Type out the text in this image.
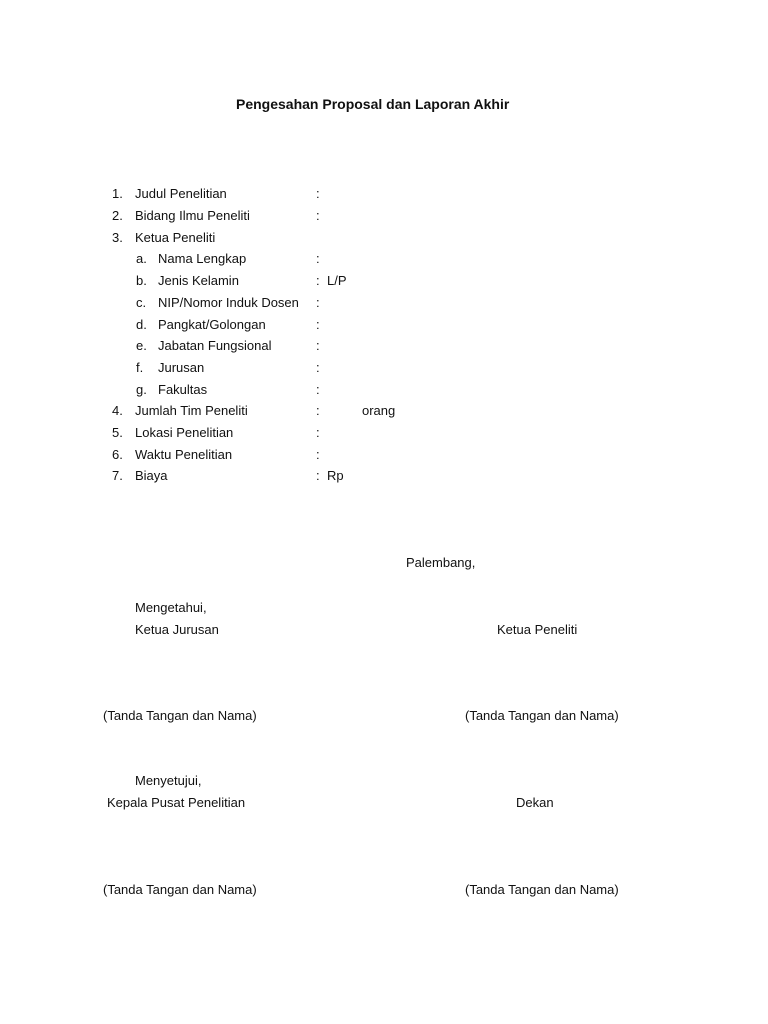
Pengesahan Proposal dan Laporan Akhir
1. Judul Penelitian	:
2. Bidang Ilmu Peneliti	:
3. Ketua Peneliti
a. Nama Lengkap	:
b. Jenis Kelamin	: L/P
c. NIP/Nomor Induk Dosen :
d. Pangkat/Golongan	:
e. Jabatan Fungsional	:
f. Jurusan	:
g. Fakultas	:
4. Jumlah Tim Peneliti	:	orang
5. Lokasi Penelitian	:
6. Waktu Penelitian	:
7. Biaya	: Rp
Palembang,
Mengetahui,
Ketua Jurusan	Ketua Peneliti
(Tanda Tangan dan Nama)	(Tanda Tangan dan Nama)
Menyetujui,
Kepala Pusat Penelitian	Dekan
(Tanda Tangan dan Nama)	(Tanda Tangan dan Nama)
